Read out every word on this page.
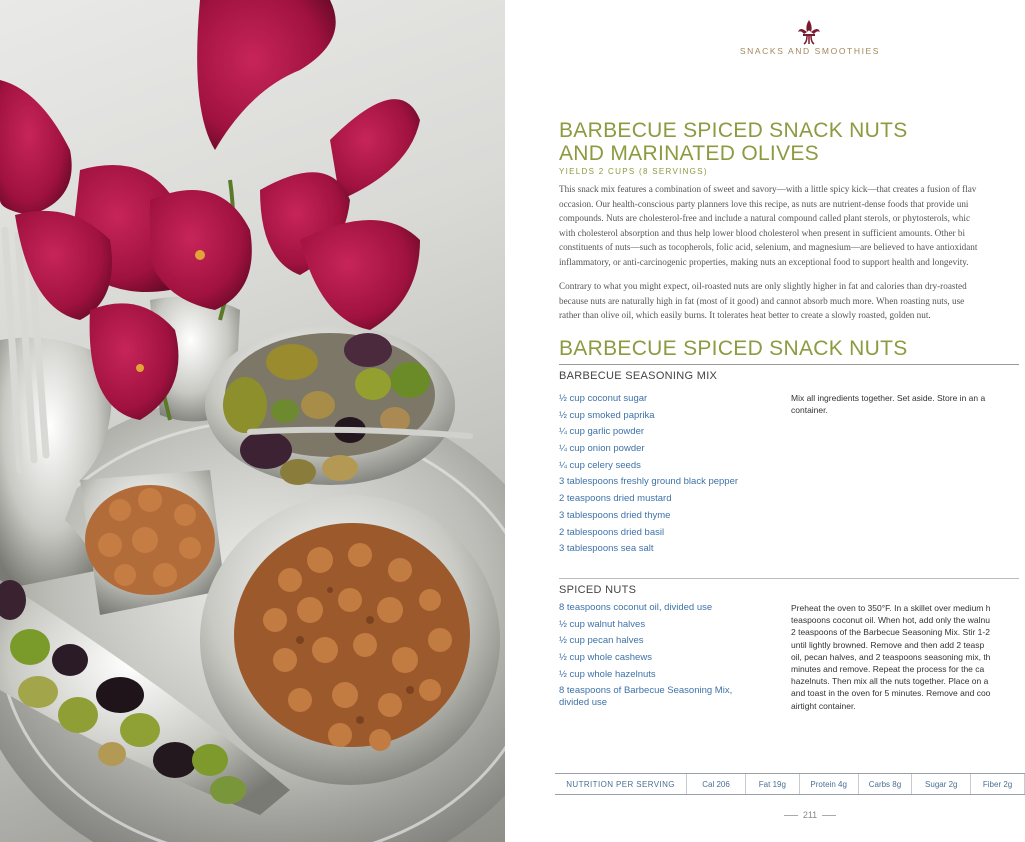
SNACKS AND SMOOTHIES
BARBECUE SPICED SNACK NUTS
AND MARINATED OLIVES
YIELDS 2 CUPS (8 SERVINGS)
This snack mix features a combination of sweet and savory—with a little spicy kick—that creates a fusion of flav
occasion. Our health-conscious party planners love this recipe, as nuts are nutrient-dense foods that provide uni
compounds. Nuts are cholesterol-free and include a natural compound called plant sterols, or phytosterols, whic
with cholesterol absorption and thus help lower blood cholesterol when present in sufficient amounts. Other bi
constituents of nuts—such as tocopherols, folic acid, selenium, and magnesium—are believed to have antioxidant
inflammatory, or anti-carcinogenic properties, making nuts an exceptional food to support health and longevity.
Contrary to what you might expect, oil-roasted nuts are only slightly higher in fat and calories than dry-roasted
because nuts are naturally high in fat (most of it good) and cannot absorb much more. When roasting nuts, use
rather than olive oil, which easily burns. It tolerates heat better to create a slowly roasted, golden nut.
BARBECUE SPICED SNACK NUTS
BARBECUE SEASONING MIX
½ cup coconut sugar
½ cup smoked paprika
¼ cup garlic powder
¼ cup onion powder
¼ cup celery seeds
3 tablespoons freshly ground black pepper
2 teaspoons dried mustard
3 tablespoons dried thyme
2 tablespoons dried basil
3 tablespoons sea salt
Mix all ingredients together. Set aside. Store in an a
container.
SPICED NUTS
8 teaspoons coconut oil, divided use
½ cup walnut halves
½ cup pecan halves
½ cup whole cashews
½ cup whole hazelnuts
8 teaspoons of Barbecue Seasoning Mix, divided use
Preheat the oven to 350°F. In a skillet over medium h
teaspoons coconut oil. When hot, add only the walnu
2 teaspoons of the Barbecue Seasoning Mix. Stir 1-2
until lightly browned. Remove and then add 2 teasp
oil, pecan halves, and 2 teaspoons seasoning mix, th
minutes and remove. Repeat the process for the ca
hazelnuts. Then mix all the nuts together. Place on a
and toast in the oven for 5 minutes. Remove and coo
airtight container.
NUTRITION PER SERVING	Cal 206	Fat 19g	Protein 4g	Carbs 8g	Sugar 2g	Fiber 2g
211
